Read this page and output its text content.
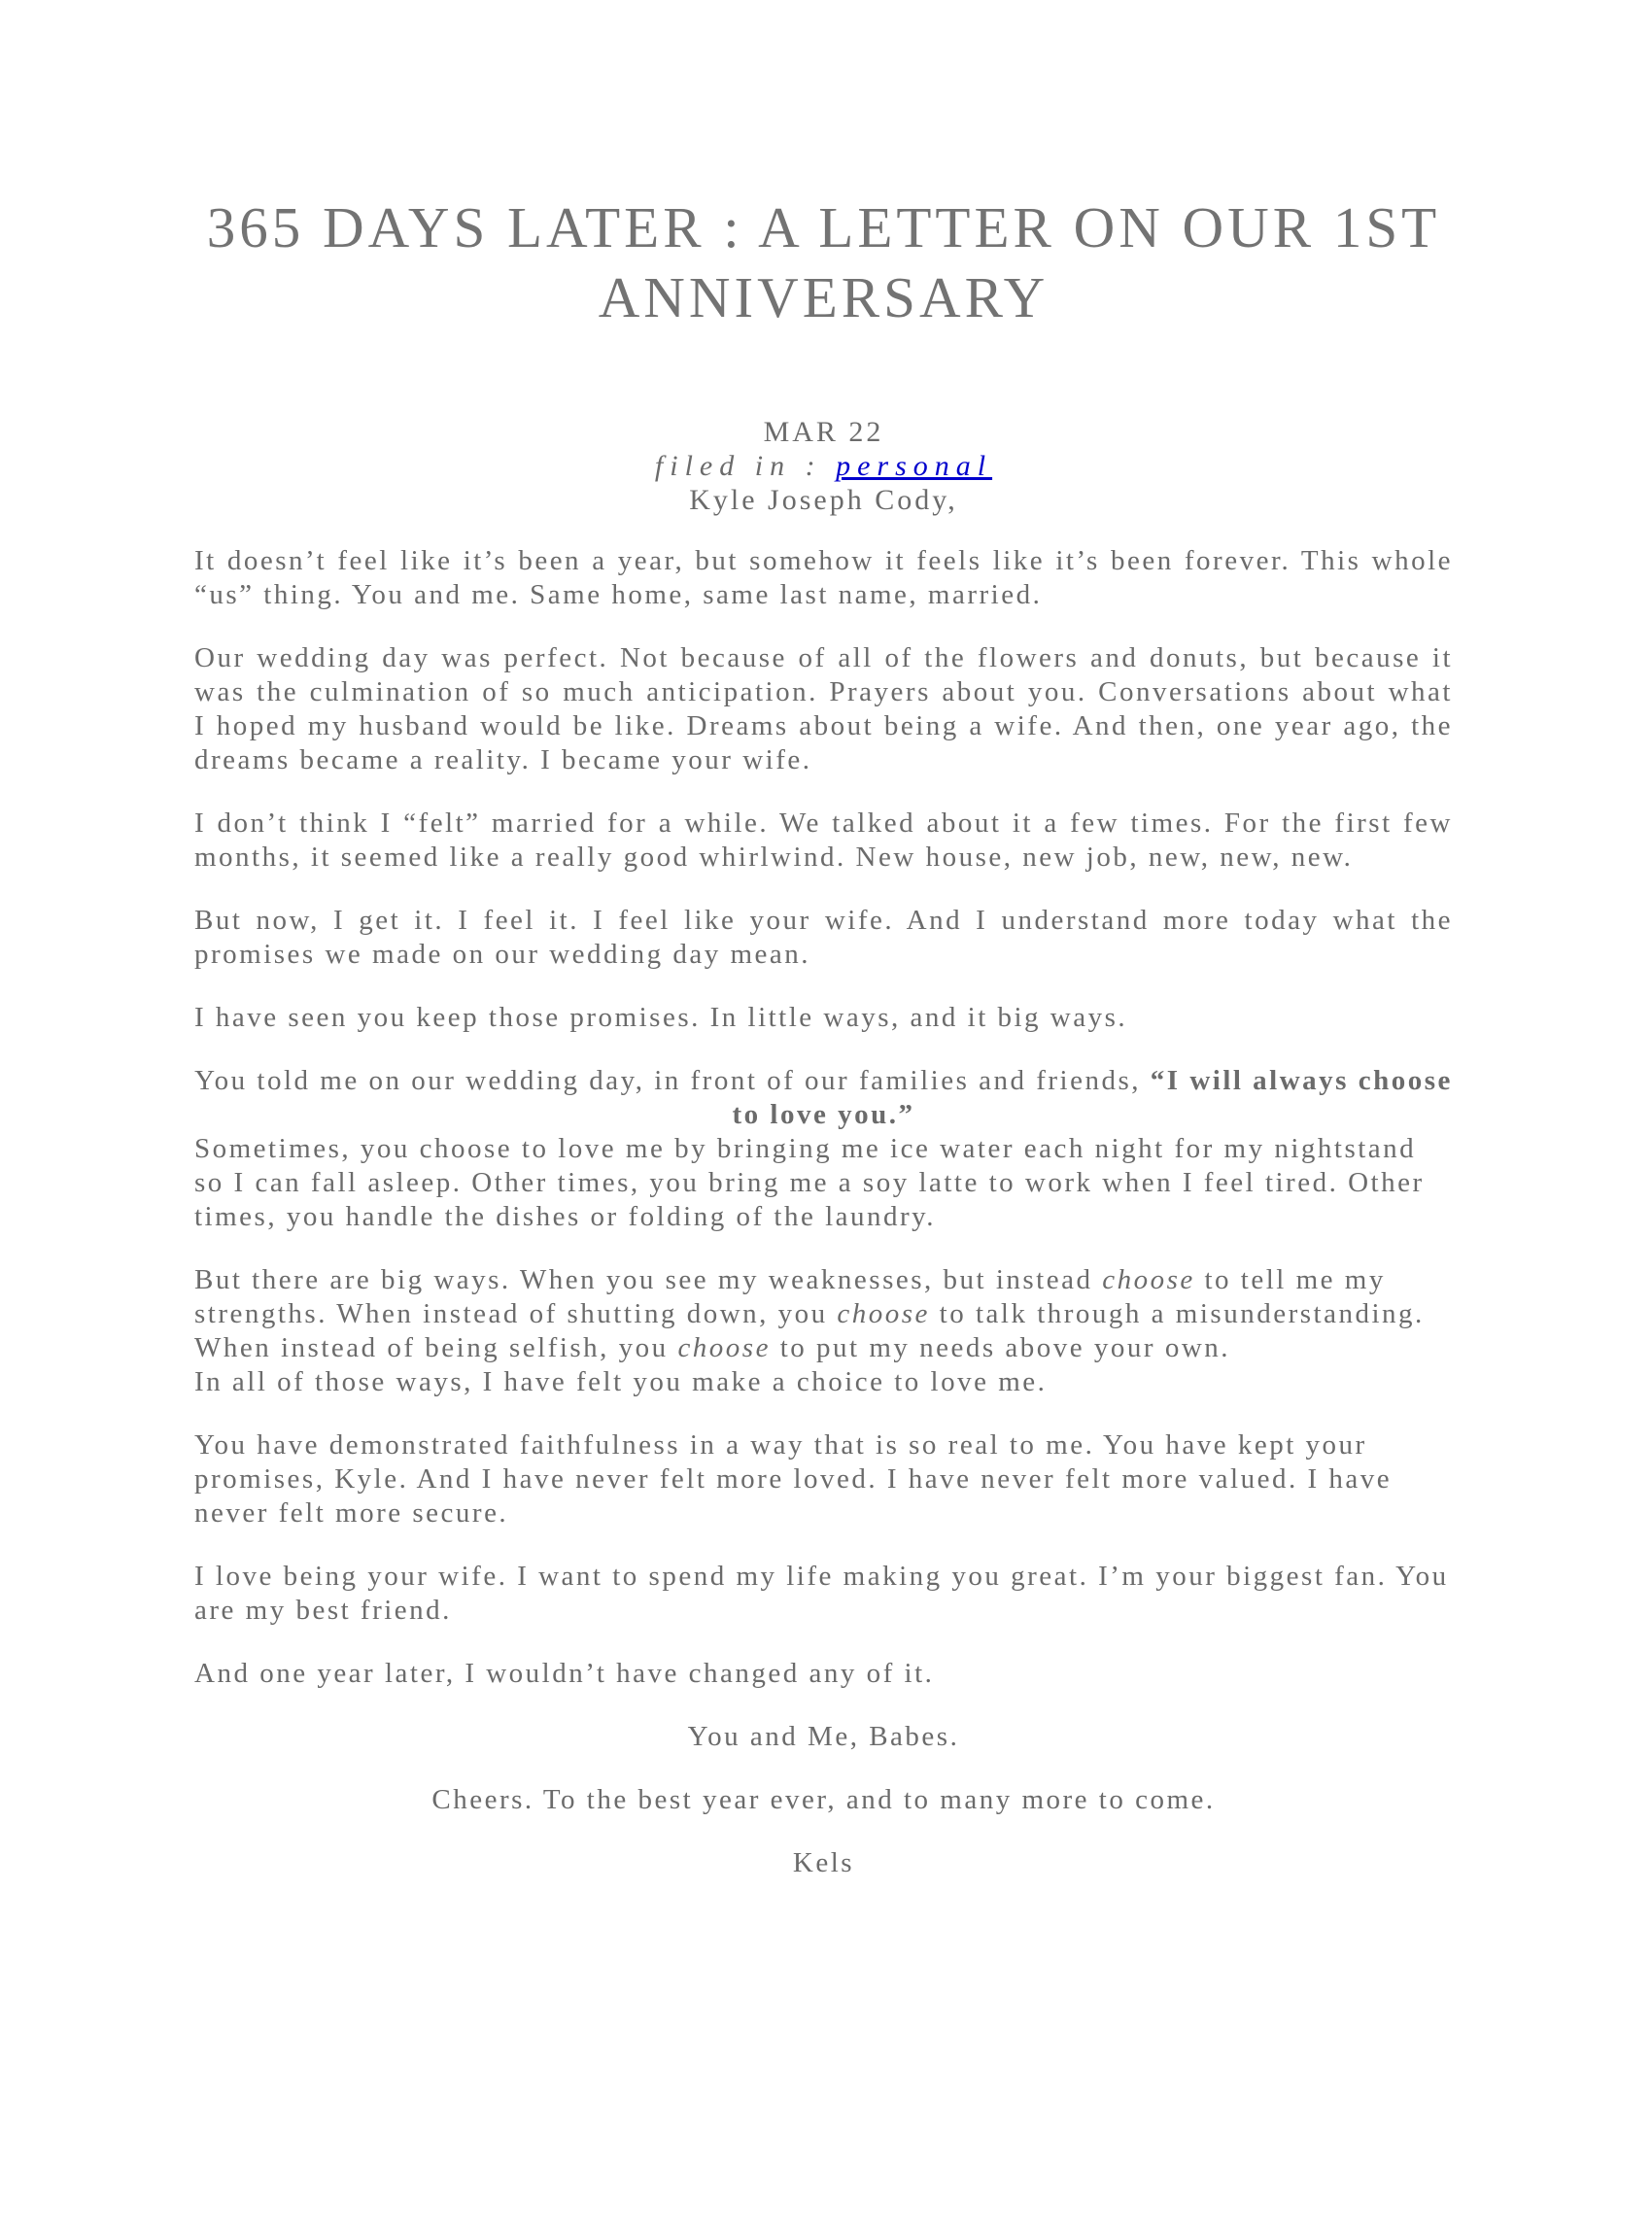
365 DAYS LATER : A LETTER ON OUR 1ST ANNIVERSARY
MAR 22
filed in : personal
Kyle Joseph Cody,

It doesn’t feel like it’s been a year, but somehow it feels like it’s been forever. This whole “us” thing. You and me. Same home, same last name, married.

Our wedding day was perfect. Not because of all of the flowers and donuts, but because it was the culmination of so much anticipation. Prayers about you. Conversations about what I hoped my husband would be like. Dreams about being a wife. And then, one year ago, the dreams became a reality. I became your wife.

I don’t think I “felt” married for a while. We talked about it a few times. For the first few months, it seemed like a really good whirlwind. New house, new job, new, new, new.

But now, I get it. I feel it. I feel like your wife. And I understand more today what the promises we made on our wedding day mean.

I have seen you keep those promises. In little ways, and it big ways.

You told me on our wedding day, in front of our families and friends, “I will always choose to love you.”

Sometimes, you choose to love me by bringing me ice water each night for my nightstand so I can fall asleep. Other times, you bring me a soy latte to work when I feel tired. Other times, you handle the dishes or folding of the laundry.

But there are big ways. When you see my weaknesses, but instead choose to tell me my strengths. When instead of shutting down, you choose to talk through a misunderstanding. When instead of being selfish, you choose to put my needs above your own.

In all of those ways, I have felt you make a choice to love me.

You have demonstrated faithfulness in a way that is so real to me. You have kept your promises, Kyle. And I have never felt more loved. I have never felt more valued. I have never felt more secure.

I love being your wife. I want to spend my life making you great. I’m your biggest fan. You are my best friend.

And one year later, I wouldn’t have changed any of it.

You and Me, Babes.

Cheers. To the best year ever, and to many more to come.

Kels
